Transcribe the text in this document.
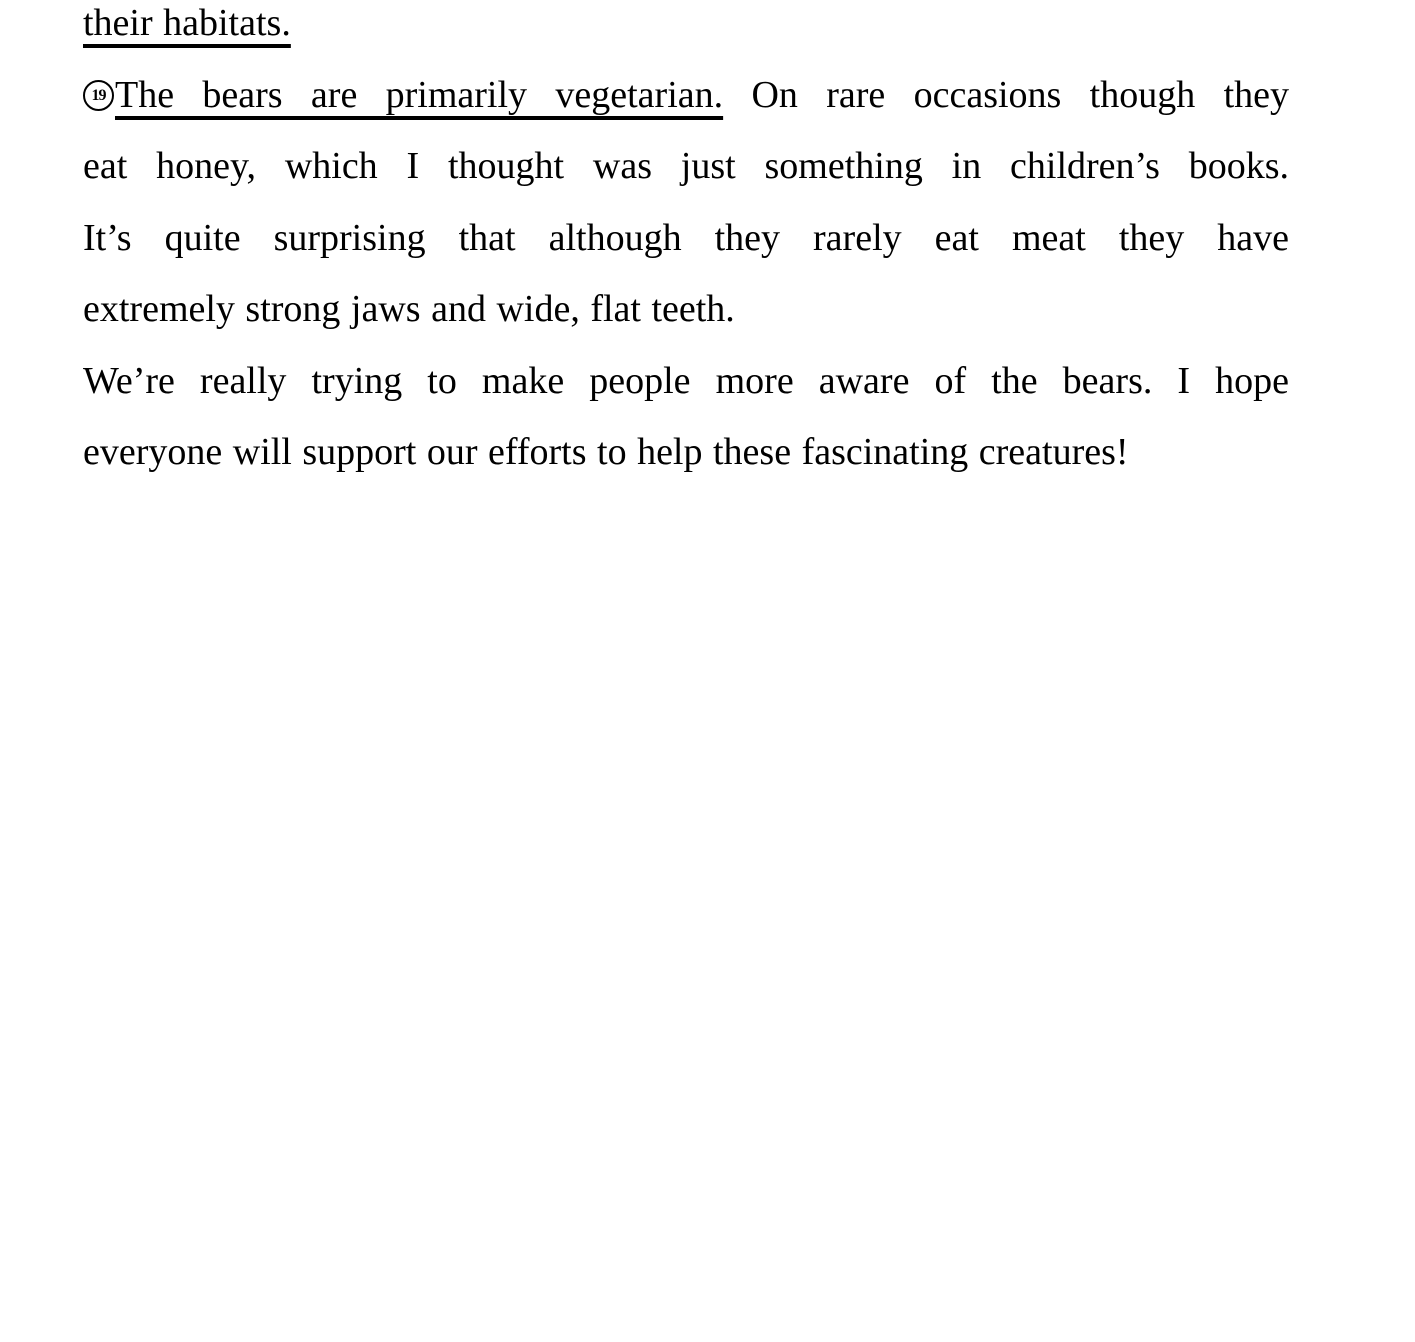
their habitats.
19 The bears are primarily vegetarian. On rare occasions though they
eat honey, which I thought was just something in children’s books.
It’s quite surprising that although they rarely eat meat they have
extremely strong jaws and wide, flat teeth.
We’re really trying to make people more aware of the bears. I hope
everyone will support our efforts to help these fascinating creatures!
